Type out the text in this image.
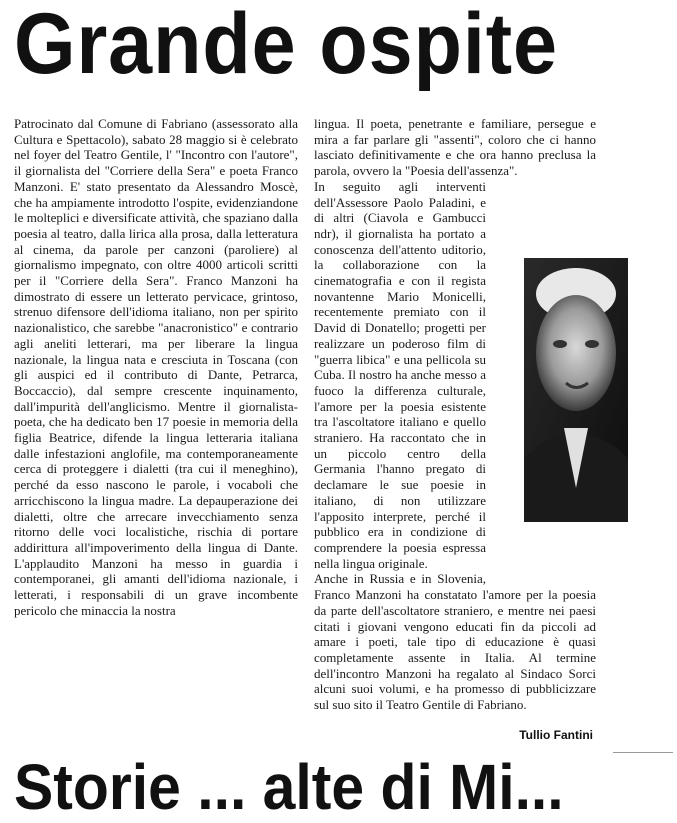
Grande ospite

Patrocinato dal Comune di Fabriano (assessorato alla Cultura e Spettacolo), sabato 28 maggio si è celebrato nel foyer del Teatro Gentile, l' "Incontro con l'autore", il giornalista del "Corriere della Sera" e poeta Franco Manzoni. E' stato presentato da Alessandro Moscè, che ha ampiamente introdotto l'ospite, evidenziandone le molteplici e diversificate attività, che spaziano dalla poesia al teatro, dalla lirica alla prosa, dalla letteratura al cinema, da parole per canzoni (paroliere) al giornalismo impegnato, con oltre 4000 articoli scritti per il "Corriere della Sera". Franco Manzoni ha dimostrato di essere un letterato pervicace, grintoso, strenuo difensore dell'idioma italiano, non per spirito nazionalistico, che sarebbe "anacronistico" e contrario agli aneliti letterari, ma per liberare la lingua nazionale, la lingua nata e cresciuta in Toscana (con gli auspici ed il contributo di Dante, Petrarca, Boccaccio), dal sempre crescente inquinamento, dall'impurità dell'anglicismo. Mentre il giornalista-poeta, che ha dedicato ben 17 poesie in memoria della figlia Beatrice, difende la lingua letteraria italiana dalle infestazioni anglofile, ma contemporaneamente cerca di proteggere i dialetti (tra cui il meneghino), perché da esso nascono le parole, i vocaboli che arricchiscono la lingua madre. La depauperazione dei dialetti, oltre che arrecare invecchiamento senza ritorno delle voci localistiche, rischia di portare addirittura all'impoverimento della lingua di Dante. L'applaudito Manzoni ha messo in guardia i contemporanei, gli amanti dell'idioma nazionale, i letterati, i responsabili di un grave incombente pericolo che minaccia la nostra

lingua. Il poeta, penetrante e familiare, persegue e mira a far parlare gli "assenti", coloro che ci hanno lasciato definitivamente e che ora hanno preclusa la parola, ovvero la "Poesia dell'assenza".

In seguito agli interventi dell'Assessore Paolo Paladini, e di altri (Ciavola e Gambucci ndr), il giornalista ha portato a conoscenza dell'attento uditorio, la collaborazione con la cinematografia e con il regista novantenne Mario Monicelli, recentemente premiato con il David di Donatello; progetti per realizzare un poderoso film di "guerra libica" e una pellicola su Cuba. Il nostro ha anche messo a fuoco la differenza culturale, l'amore per la poesia esistente tra l'ascoltatore italiano e quello straniero. Ha raccontato che in un piccolo centro della Germania l'hanno pregato di declamare le sue poesie in italiano, di non utilizzare l'apposito interprete, perché il pubblico era in condizione di comprendere la poesia espressa nella lingua originale.

Anche in Russia e in Slovenia, Franco Manzoni ha constatato l'amore per la poesia da parte dell'ascoltatore straniero, e mentre nei paesi citati i giovani vengono educati fin da piccoli ad amare i poeti, tale tipo di educazione è quasi completamente assente in Italia. Al termine dell'incontro Manzoni ha regalato al Sindaco Sorci alcuni suoi volumi, e ha promesso di pubblicizzare sul suo sito il Teatro Gentile di Fabriano.

Tullio Fantini

Storie ... alte di Mi...
